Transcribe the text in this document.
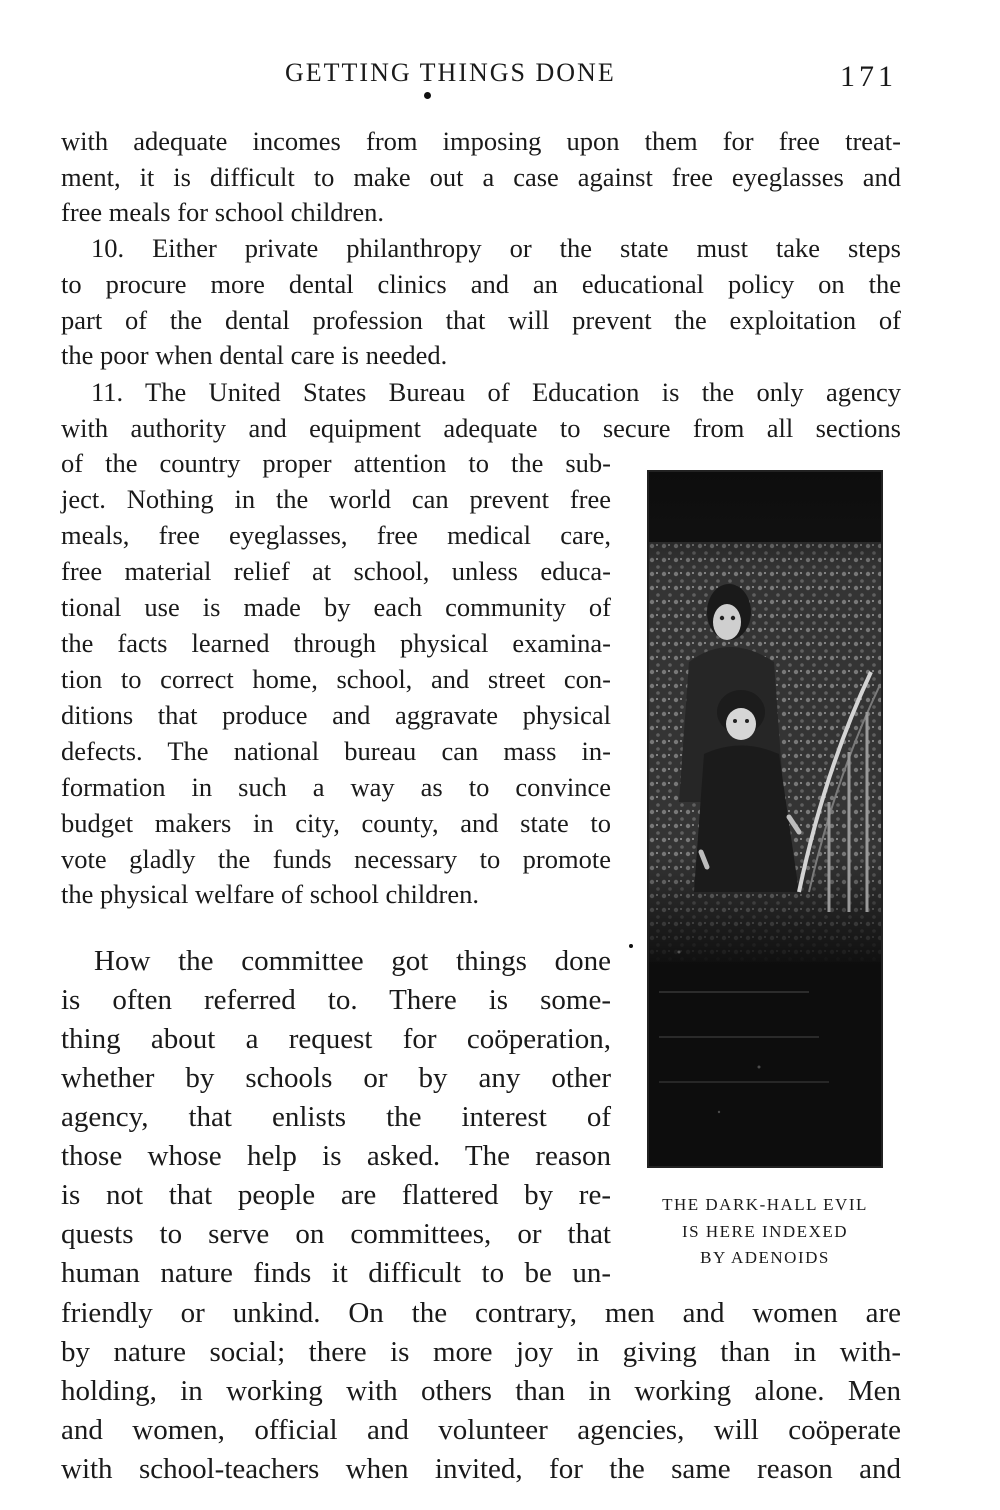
GETTING THINGS DONE	171
with adequate incomes from imposing upon them for free treat-
ment, it is difficult to make out a case against free eyeglasses and
free meals for school children.
10. Either private philanthropy or the state must take steps
to procure more dental clinics and an educational policy on the
part of the dental profession that will prevent the exploitation of
the poor when dental care is needed.
11. The United States Bureau of Education is the only agency
with authority and equipment adequate to secure from all sections
of the country proper attention to the sub-
ject. Nothing in the world can prevent free
meals, free eyeglasses, free medical care,
free material relief at school, unless educa-
tional use is made by each community of
the facts learned through physical examina-
tion to correct home, school, and street con-
ditions that produce and aggravate physical
defects. The national bureau can mass in-
formation in such a way as to convince
budget makers in city, county, and state to
vote gladly the funds necessary to promote
the physical welfare of school children.
How the committee got things done
is often referred to. There is some-
thing about a request for coöperation,
whether by schools or by any other
agency, that enlists the interest of
those whose help is asked. The reason
is not that people are flattered by re-
quests to serve on committees, or that
human nature finds it difficult to be un-
friendly or unkind. On the contrary, men and women are
by nature social; there is more joy in giving than in with-
holding, in working with others than in working alone. Men
and women, official and volunteer agencies, will coöperate
with school-teachers when invited, for the same reason and
THE DARK-HALL EVIL
IS HERE INDEXED
BY ADENOIDS
